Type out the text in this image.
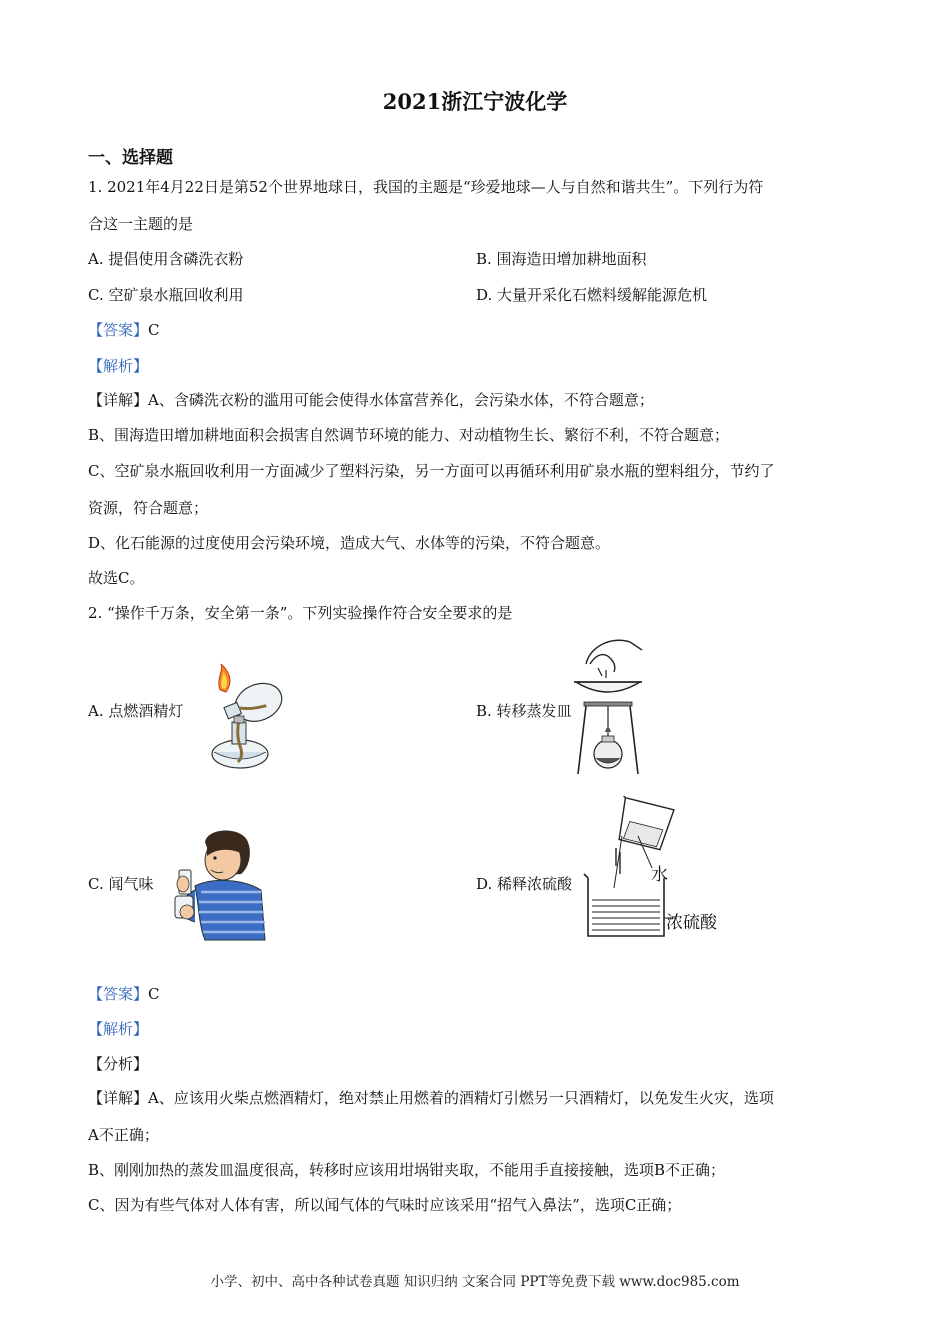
2021浙江宁波化学
一、选择题
1. 2021年4月22日是第52个世界地球日，我国的主题是“珍爱地球—人与自然和谐共生”。下列行为符
合这一主题的是
A. 提倡使用含磷洗衣粉	B. 围海造田增加耕地面积
C. 空矿泉水瓶回收利用	D. 大量开采化石燃料缓解能源危机
【答案】C
【解析】
【详解】A、含磷洗衣粉的滥用可能会使得水体富营养化，会污染水体，不符合题意；
B、围海造田增加耕地面积会损害自然调节环境的能力、对动植物生长、繁衍不利，不符合题意；
C、空矿泉水瓶回收利用一方面减少了塑料污染，另一方面可以再循环利用矿泉水瓶的塑料组分，节约了
资源，符合题意；
D、化石能源的过度使用会污染环境，造成大气、水体等的污染，不符合题意。
故选C。
2. “操作千万条，安全第一条”。下列实验操作符合安全要求的是
A. 点燃酒精灯	B. 转移蒸发皿
C. 闻气味	D. 稀释浓硫酸	水
浓硫酸
【答案】C
【解析】
【分析】
【详解】A、应该用火柴点燃酒精灯，绝对禁止用燃着的酒精灯引燃另一只酒精灯，以免发生火灾，选项
A不正确；
B、刚刚加热的蒸发皿温度很高，转移时应该用坩埚钳夹取，不能用手直接接触，选项B不正确；
C、因为有些气体对人体有害，所以闻气体的气味时应该采用“招气入鼻法”，选项C正确；
小学、初中、高中各种试卷真题 知识归纳 文案合同 PPT等免费下载 www.doc985.com
